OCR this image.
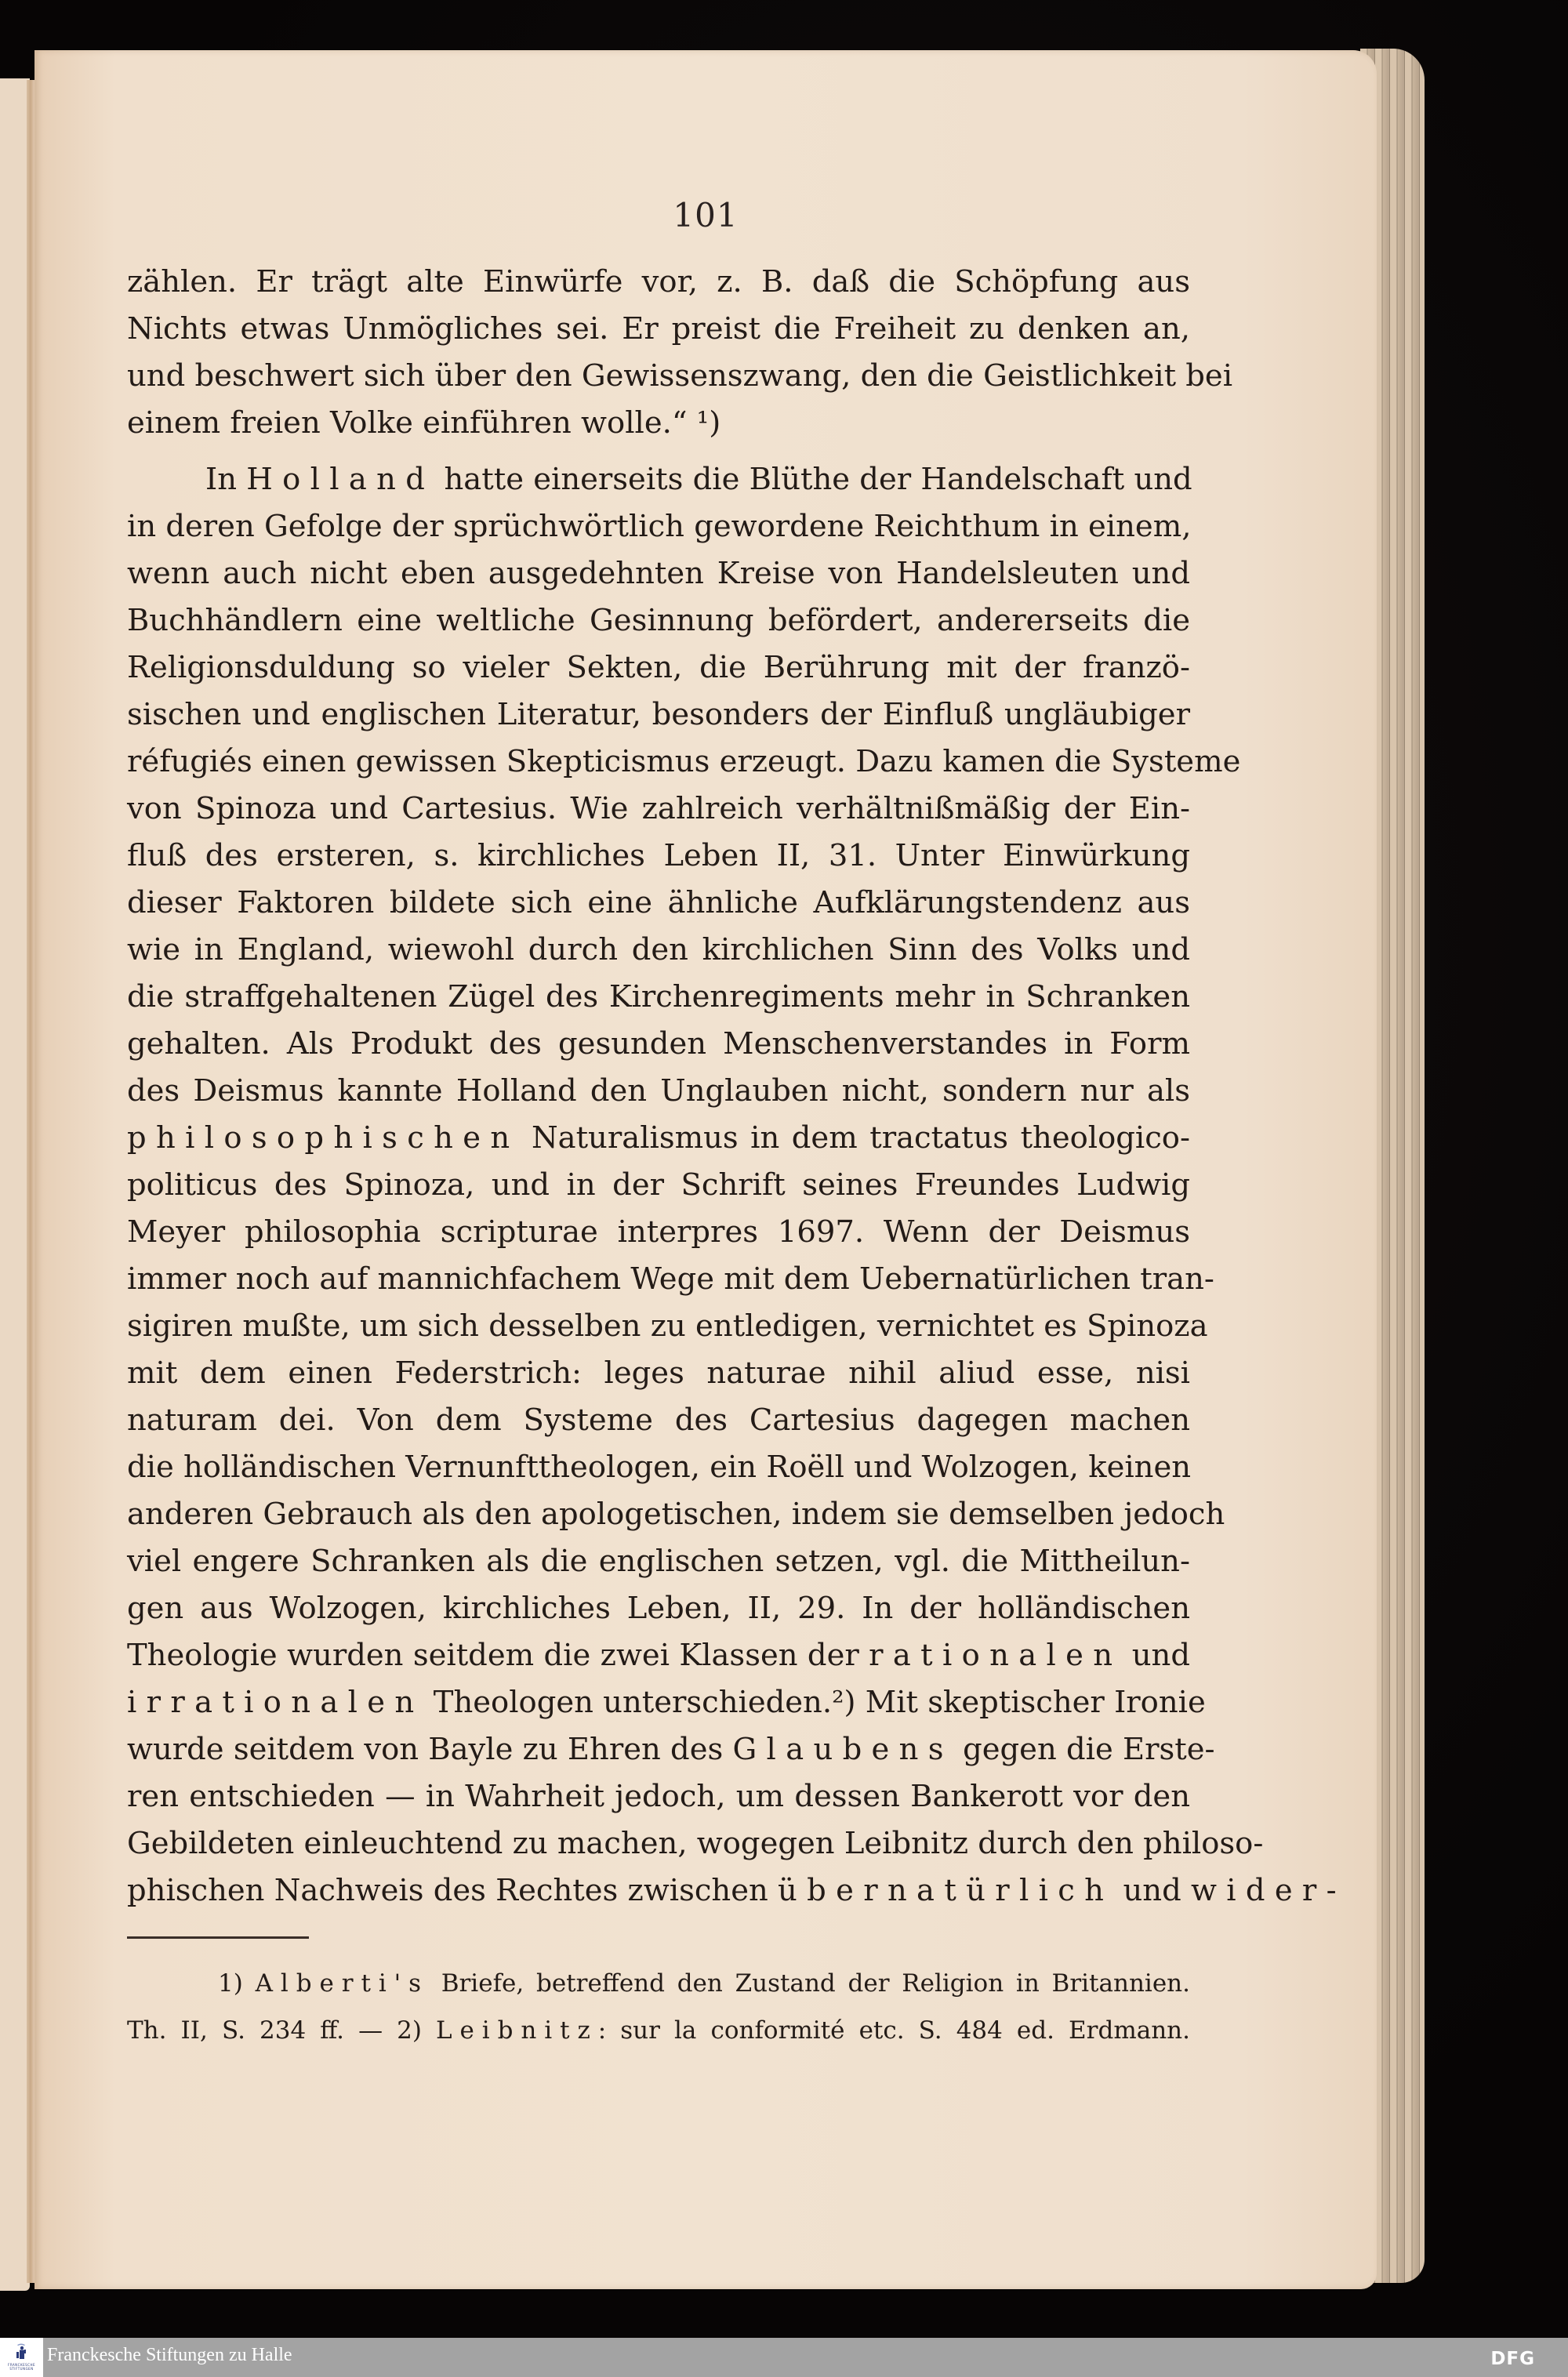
101
zählen. Er trägt alte Einwürfe vor, z. B. daß die Schöpfung aus
Nichts etwas Unmögliches sei. Er preist die Freiheit zu denken an,
und beschwert sich über den Gewissenszwang, den die Geistlichkeit bei
einem freien Volke einführen wolle.“ ¹)
In Holland hatte einerseits die Blüthe der Handelschaft und
in deren Gefolge der sprüchwörtlich gewordene Reichthum in einem,
wenn auch nicht eben ausgedehnten Kreise von Handelsleuten und
Buchhändlern eine weltliche Gesinnung befördert, andererseits die
Religionsduldung so vieler Sekten, die Berührung mit der franzö-
sischen und englischen Literatur, besonders der Einfluß ungläubiger
réfugiés einen gewissen Skepticismus erzeugt. Dazu kamen die Systeme
von Spinoza und Cartesius. Wie zahlreich verhältnißmäßig der Ein-
fluß des ersteren, s. kirchliches Leben II, 31. Unter Einwürkung
dieser Faktoren bildete sich eine ähnliche Aufklärungstendenz aus
wie in England, wiewohl durch den kirchlichen Sinn des Volks und
die straffgehaltenen Zügel des Kirchenregiments mehr in Schranken
gehalten. Als Produkt des gesunden Menschenverstandes in Form
des Deismus kannte Holland den Unglauben nicht, sondern nur als
philosophischen Naturalismus in dem tractatus theologico-
politicus des Spinoza, und in der Schrift seines Freundes Ludwig
Meyer philosophia scripturae interpres 1697. Wenn der Deismus
immer noch auf mannichfachem Wege mit dem Uebernatürlichen tran-
sigiren mußte, um sich desselben zu entledigen, vernichtet es Spinoza
mit dem einen Federstrich: leges naturae nihil aliud esse, nisi
naturam dei. Von dem Systeme des Cartesius dagegen machen
die holländischen Vernunfttheologen, ein Roëll und Wolzogen, keinen
anderen Gebrauch als den apologetischen, indem sie demselben jedoch
viel engere Schranken als die englischen setzen, vgl. die Mittheilun-
gen aus Wolzogen, kirchliches Leben, II, 29. In der holländischen
Theologie wurden seitdem die zwei Klassen der rationalen und
irrationalen Theologen unterschieden.²) Mit skeptischer Ironie
wurde seitdem von Bayle zu Ehren des Glaubens gegen die Erste-
ren entschieden — in Wahrheit jedoch, um dessen Bankerott vor den
Gebildeten einleuchtend zu machen, wogegen Leibnitz durch den philoso-
phischen Nachweis des Rechtes zwischen übernatürlich und wider-
1) Alberti's Briefe, betreffend den Zustand der Religion in Britannien.
Th. II, S. 234 ff. — 2) Leibnitz: sur la conformité etc. S. 484 ed. Erdmann.
FRANCKESCHE STIFTUNGEN
Franckesche Stiftungen zu Halle	DFG
